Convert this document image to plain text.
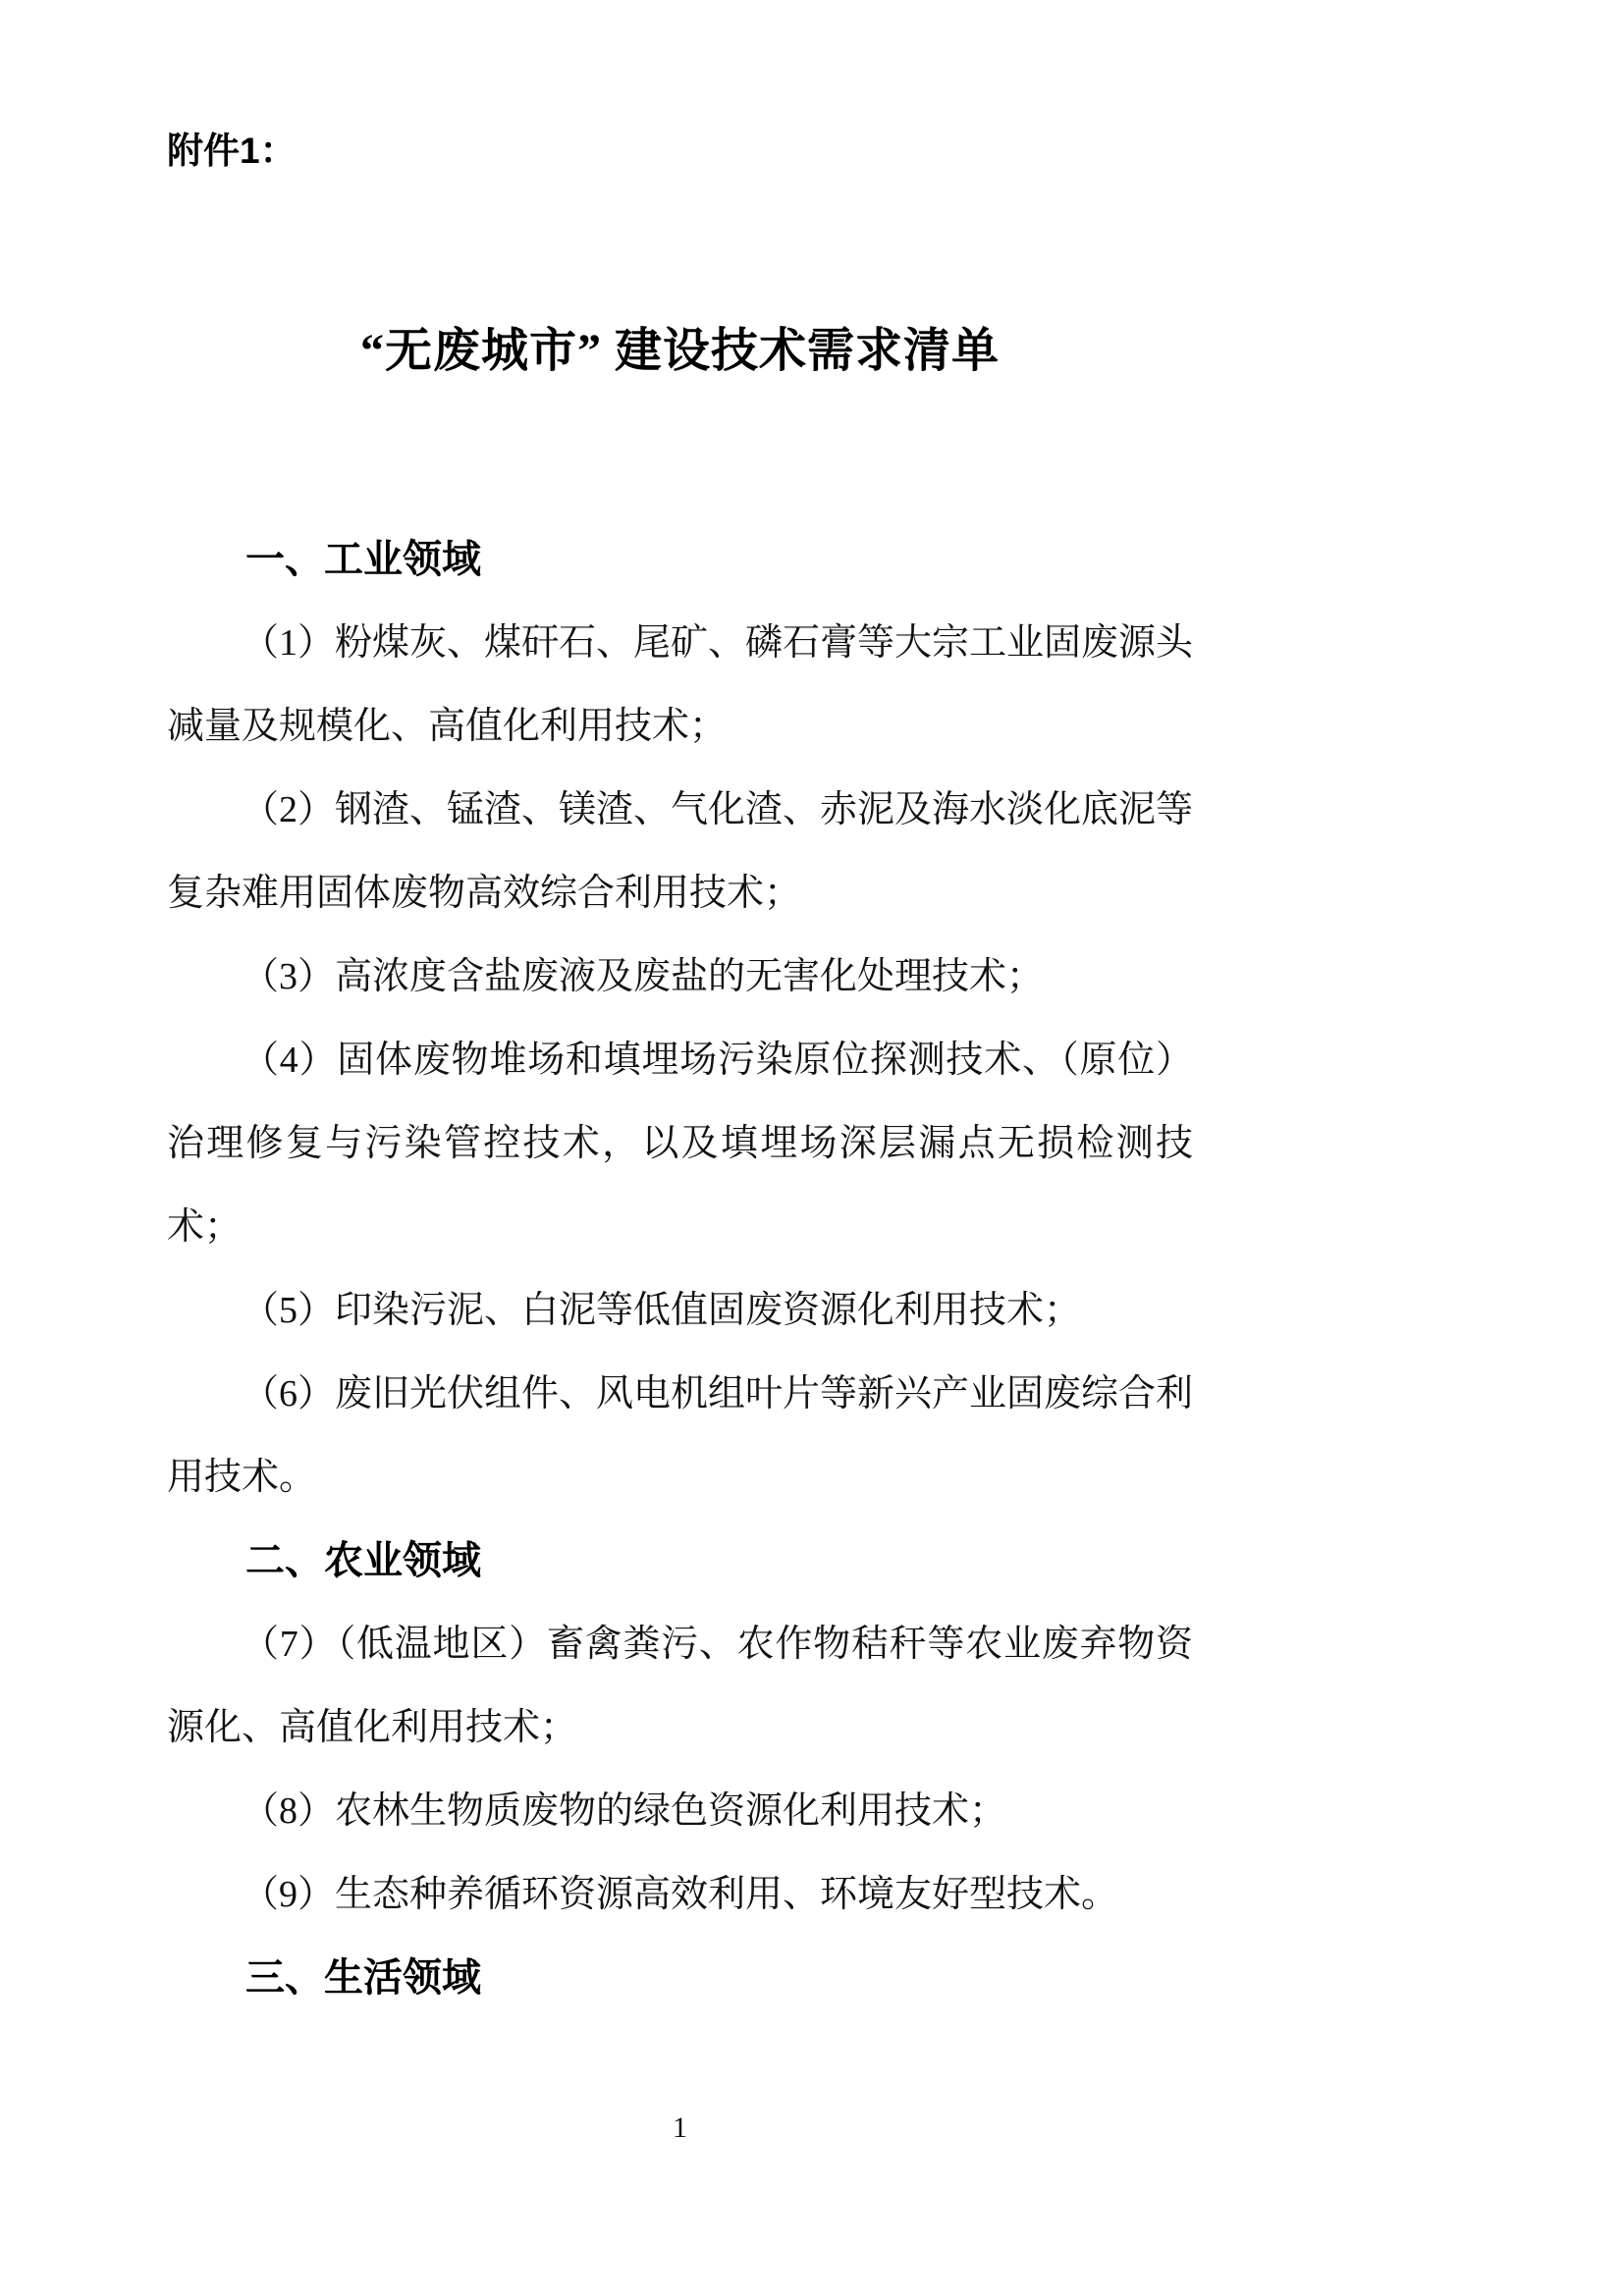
附件1：
“无废城市” 建设技术需求清单
一、工业领域

（1）粉煤灰、煤矸石、尾矿、磷石膏等大宗工业固废源头减量及规模化、高值化利用技术；

（2）钢渣、锰渣、镁渣、气化渣、赤泥及海水淡化底泥等复杂难用固体废物高效综合利用技术；

（3）高浓度含盐废液及废盐的无害化处理技术；

（4）固体废物堆场和填埋场污染原位探测技术、（原位）治理修复与污染管控技术，以及填埋场深层漏点无损检测技术；

（5）印染污泥、白泥等低值固废资源化利用技术；

（6）废旧光伏组件、风电机组叶片等新兴产业固废综合利用技术。

二、农业领域

（7）（低温地区）畜禽粪污、农作物秸秆等农业废弃物资源化、高值化利用技术；

（8）农林生物质废物的绿色资源化利用技术；

（9）生态种养循环资源高效利用、环境友好型技术。

三、生活领域
1
